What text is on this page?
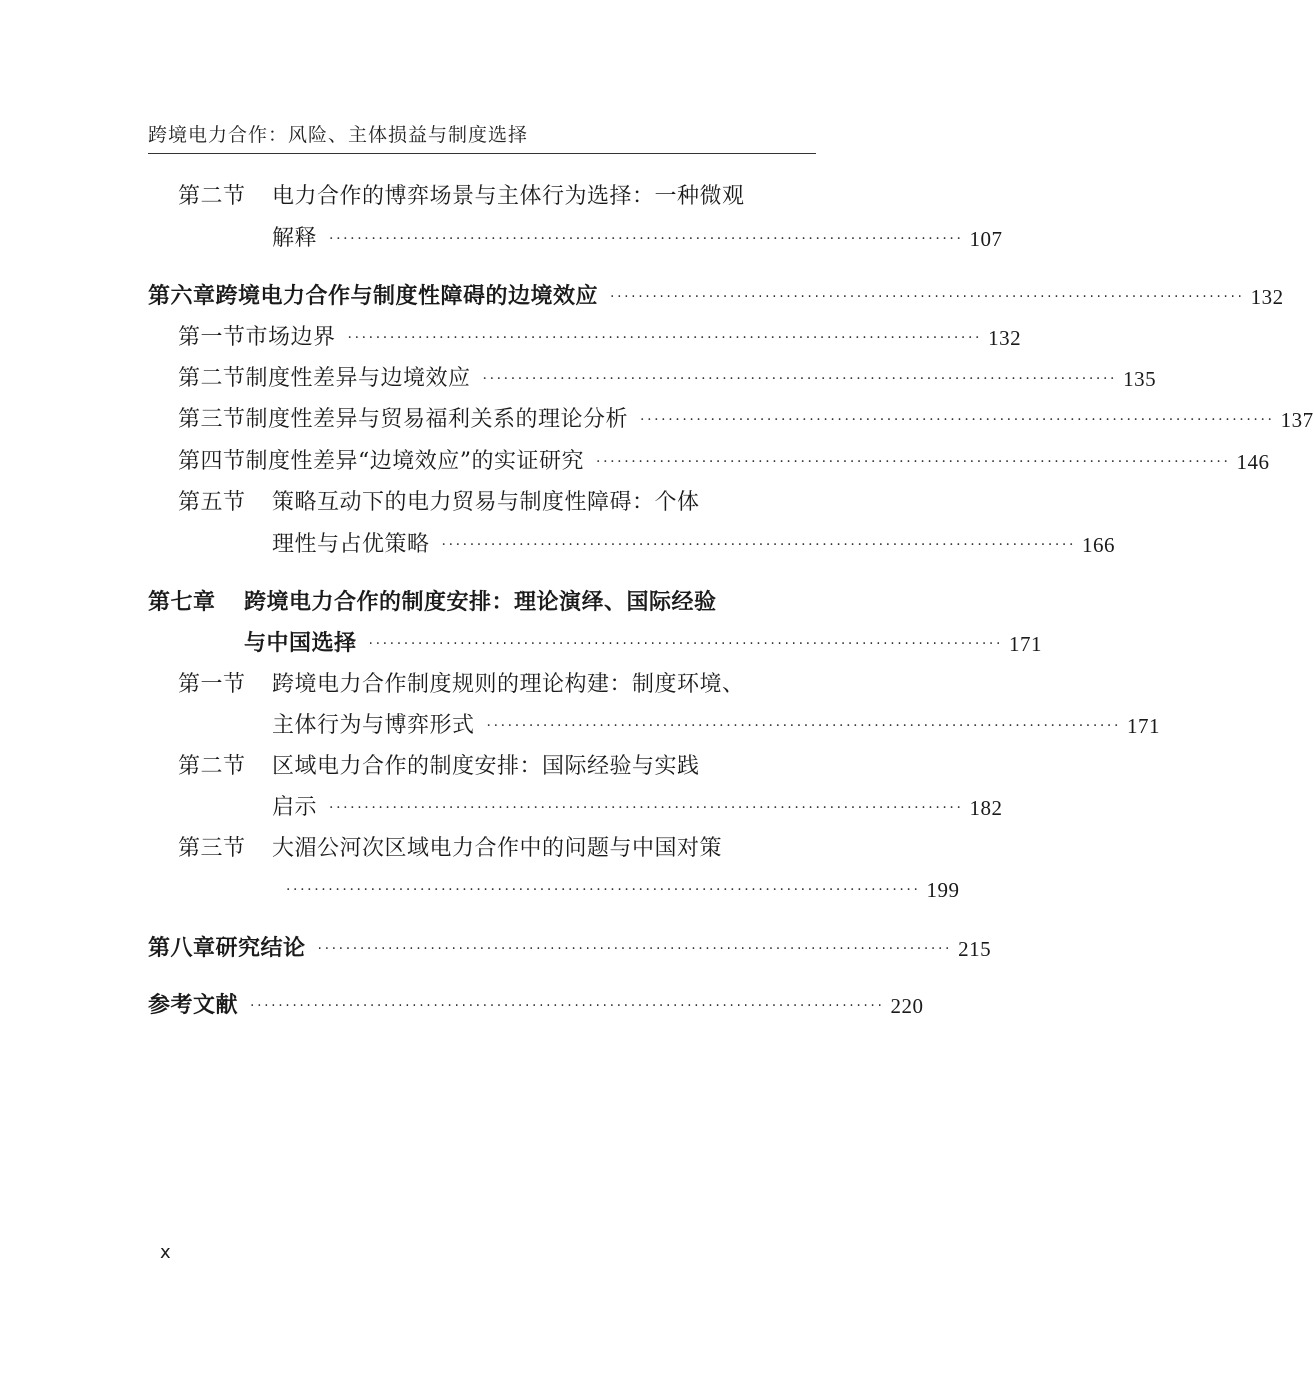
跨境电力合作：风险、主体损益与制度选择
第二节	电力合作的博弈场景与主体行为选择：一种微观
解释 ·························································································· 107
第六章 跨境电力合作与制度性障碍的边境效应 ·························································································· 132
第一节 市场边界 ·························································································· 132
第二节 制度性差异与边境效应 ·························································································· 135
第三节 制度性差异与贸易福利关系的理论分析 ·························································································· 137
第四节 制度性差异“边境效应”的实证研究 ·························································································· 146
第五节	策略互动下的电力贸易与制度性障碍：个体
理性与占优策略 ·························································································· 166
第七章	跨境电力合作的制度安排：理论演绎、国际经验
与中国选择 ·························································································· 171
第一节	跨境电力合作制度规则的理论构建：制度环境、
主体行为与博弈形式 ·························································································· 171
第二节	区域电力合作的制度安排：国际经验与实践
启示 ·························································································· 182
第三节	大湄公河次区域电力合作中的问题与中国对策
·························································································· 199
第八章 研究结论 ·························································································· 215
参考文献 ·························································································· 220
x
